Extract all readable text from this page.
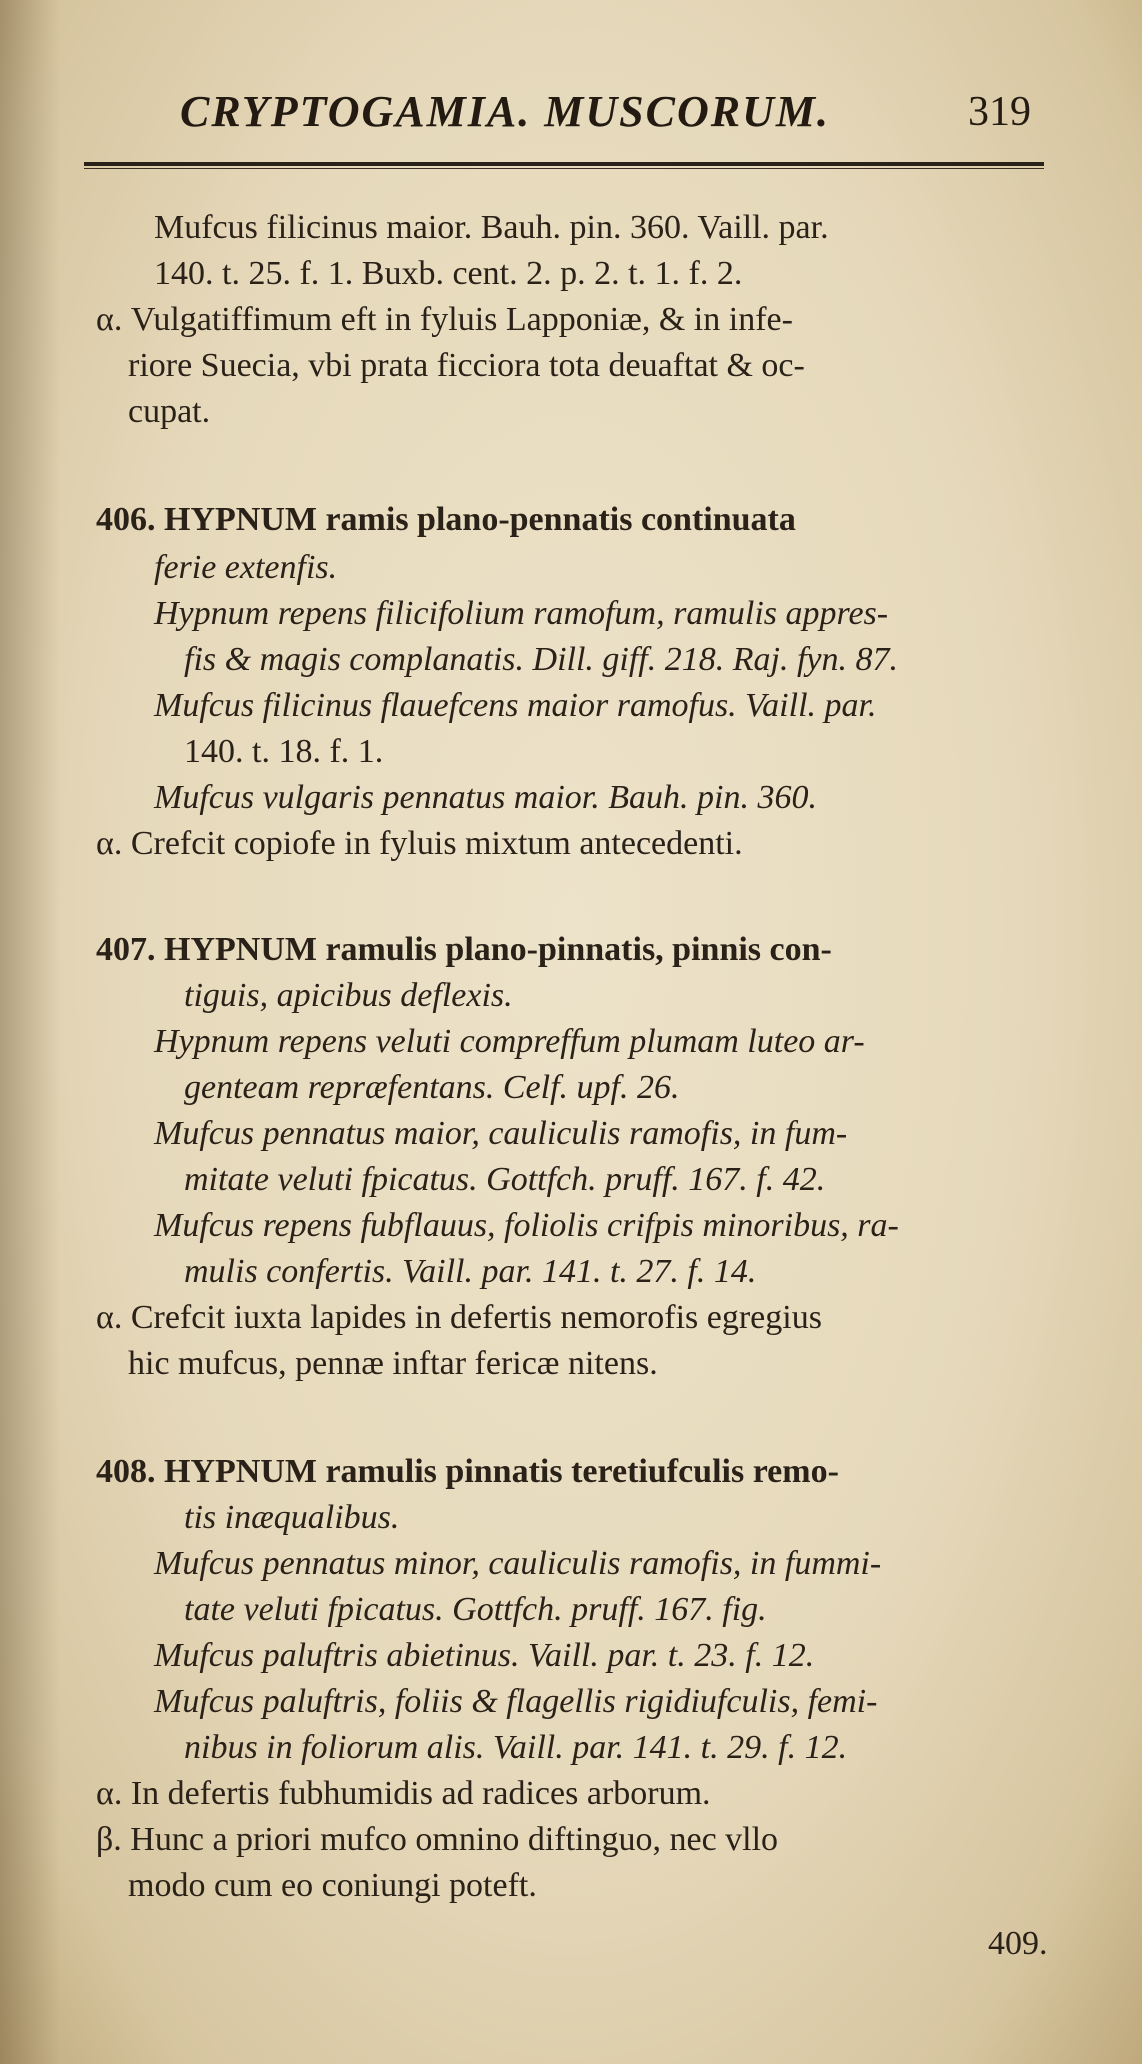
CRYPTOGAMIA. MUSCORUM.	319
Mufcus filicinus maior. Bauh. pin. 360. Vaill. par.
140. t. 25. f. 1. Buxb. cent. 2. p. 2. t. 1. f. 2.
α. Vulgatiffimum eft in fyluis Lapponiæ, & in infe-
riore Suecia, vbi prata ficciora tota deuaftat & oc-
cupat.
406. HYPNUM ramis plano-pennatis continuata
ferie extenfis.
Hypnum repens filicifolium ramofum, ramulis appres-
fis & magis complanatis. Dill. giff. 218. Raj. fyn. 87.
Mufcus filicinus flauefcens maior ramofus. Vaill. par.
140. t. 18. f. 1.
Mufcus vulgaris pennatus maior. Bauh. pin. 360.
α. Crefcit copiofe in fyluis mixtum antecedenti.
407. HYPNUM ramulis plano-pinnatis, pinnis con-
tiguis, apicibus deflexis.
Hypnum repens veluti compreffum plumam luteo ar-
genteam repræfentans. Celf. upf. 26.
Mufcus pennatus maior, cauliculis ramofis, in fum-
mitate veluti fpicatus. Gottfch. pruff. 167. f. 42.
Mufcus repens fubflauus, foliolis crifpis minoribus, ra-
mulis confertis. Vaill. par. 141. t. 27. f. 14.
α. Crefcit iuxta lapides in defertis nemorofis egregius
hic mufcus, pennæ inftar fericæ nitens.
408. HYPNUM ramulis pinnatis teretiufculis remo-
tis inæqualibus.
Mufcus pennatus minor, cauliculis ramofis, in fummi-
tate veluti fpicatus. Gottfch. pruff. 167. fig.
Mufcus paluftris abietinus. Vaill. par. t. 23. f. 12.
Mufcus paluftris, foliis & flagellis rigidiufculis, femi-
nibus in foliorum alis. Vaill. par. 141. t. 29. f. 12.
α. In defertis fubhumidis ad radices arborum.
β. Hunc a priori mufco omnino diftinguo, nec vllo
modo cum eo coniungi poteft.
409.
